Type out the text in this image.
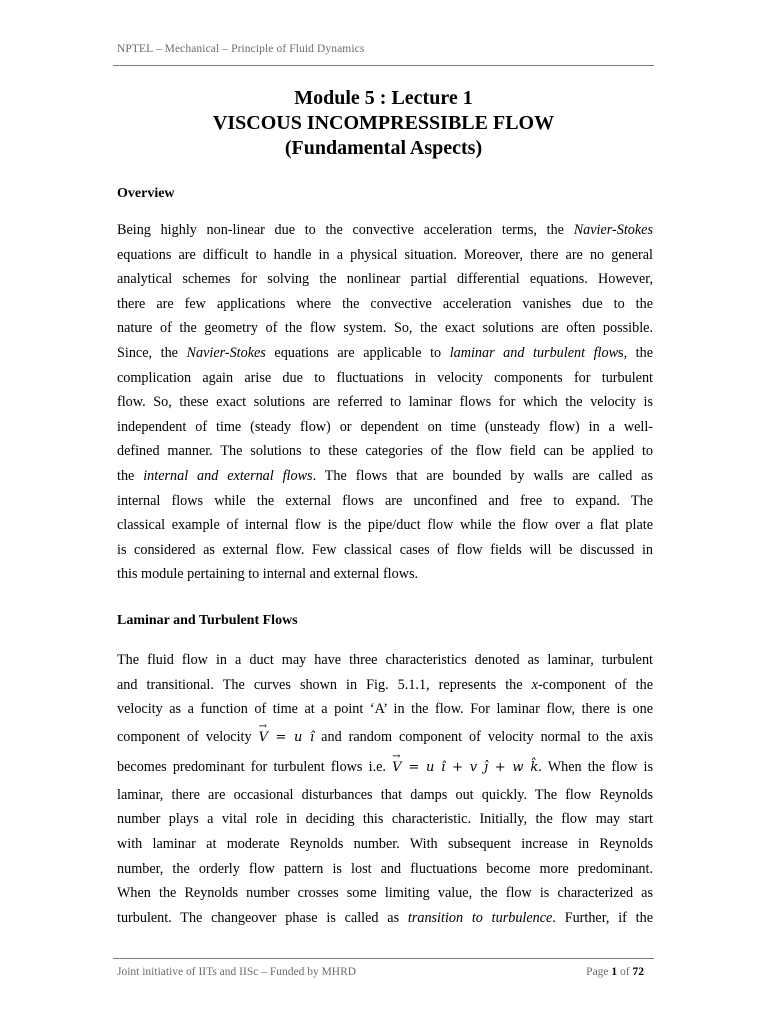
NPTEL – Mechanical – Principle of Fluid Dynamics
Module 5 : Lecture 1
VISCOUS INCOMPRESSIBLE FLOW
(Fundamental Aspects)
Overview

Being highly non-linear due to the convective acceleration terms, the Navier-Stokes
equations are difficult to handle in a physical situation. Moreover, there are no general
analytical schemes for solving the nonlinear partial differential equations. However,
there are few applications where the convective acceleration vanishes due to the
nature of the geometry of the flow system. So, the exact solutions are often possible.
Since, the Navier-Stokes equations are applicable to laminar and turbulent flows, the
complication again arise due to fluctuations in velocity components for turbulent
flow. So, these exact solutions are referred to laminar flows for which the velocity is
independent of time (steady flow) or dependent on time (unsteady flow) in a well-
defined manner. The solutions to these categories of the flow field can be applied to
the internal and external flows. The flows that are bounded by walls are called as
internal flows while the external flows are unconfined and free to expand. The
classical example of internal flow is the pipe/duct flow while the flow over a flat plate
is considered as external flow. Few classical cases of flow fields will be discussed in
this module pertaining to internal and external flows.

Laminar and Turbulent Flows

The fluid flow in a duct may have three characteristics denoted as laminar, turbulent
and transitional. The curves shown in Fig. 5.1.1, represents the x-component of the
velocity as a function of time at a point ‘A’ in the flow. For laminar flow, there is one
component of velocity → V = u î and random component of velocity normal to the axis
becomes predominant for turbulent flows i.e. → V = u î + v ĵ + w k̂. When the flow is
laminar, there are occasional disturbances that damps out quickly. The flow Reynolds
number plays a vital role in deciding this characteristic. Initially, the flow may start
with laminar at moderate Reynolds number. With subsequent increase in Reynolds
number, the orderly flow pattern is lost and fluctuations become more predominant.
When the Reynolds number crosses some limiting value, the flow is characterized as
turbulent. The changeover phase is called as transition to turbulence. Further, if the

Joint initiative of IITs and IISc – Funded by MHRD	Page 1 of 72
